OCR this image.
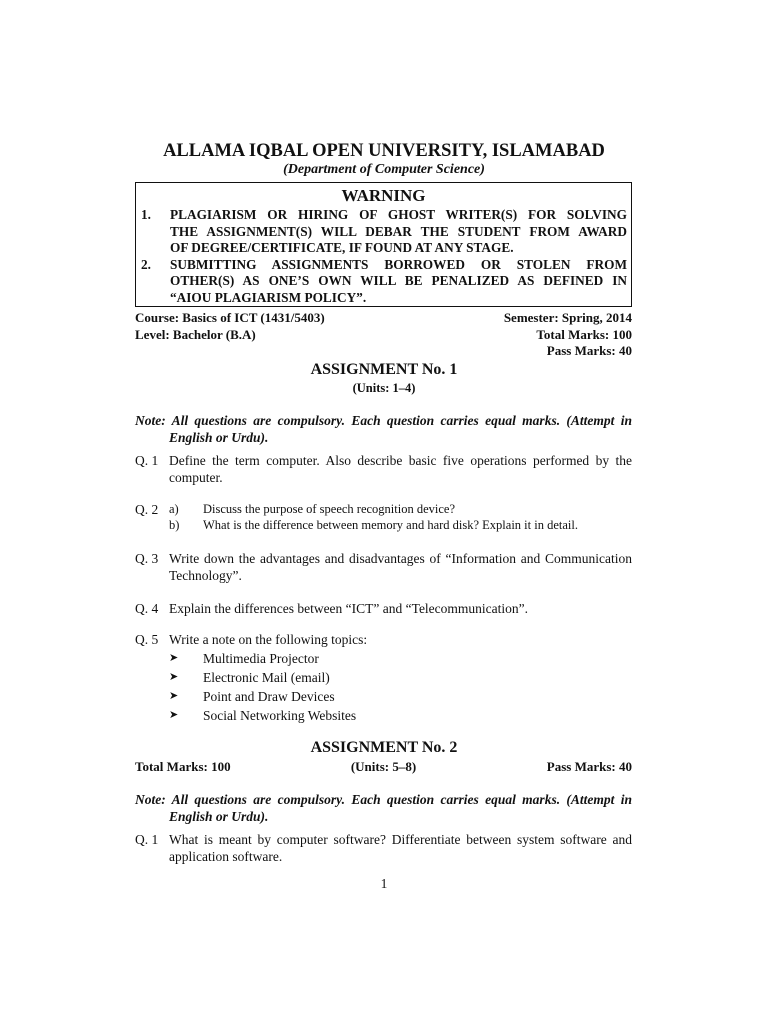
ALLAMA IQBAL OPEN UNIVERSITY, ISLAMABAD
(Department of Computer Science)
WARNING
1. PLAGIARISM OR HIRING OF GHOST WRITER(S) FOR SOLVING
THE ASSIGNMENT(S) WILL DEBAR THE STUDENT FROM AWARD
OF DEGREE/CERTIFICATE, IF FOUND AT ANY STAGE.
2. SUBMITTING ASSIGNMENTS BORROWED OR STOLEN FROM
OTHER(S) AS ONE’S OWN WILL BE PENALIZED AS DEFINED IN
“AIOU PLAGIARISM POLICY”.
Course: Basics of ICT (1431/5403)	Semester: Spring, 2014
Level: Bachelor (B.A)	Total Marks: 100
Pass Marks: 40
ASSIGNMENT No. 1
(Units: 1–4)
Note: All questions are compulsory. Each question carries equal marks. (Attempt in
English or Urdu).
Q. 1 Define the term computer. Also describe basic five operations performed by the
computer.
Q. 2 a) Discuss the purpose of speech recognition device?
b) What is the difference between memory and hard disk? Explain it in detail.
Q. 3 Write down the advantages and disadvantages of “Information and Communication
Technology”.
Q. 4 Explain the differences between “ICT” and “Telecommunication”.
Q. 5 Write a note on the following topics:
➤ Multimedia Projector
➤ Electronic Mail (email)
➤ Point and Draw Devices
➤ Social Networking Websites
ASSIGNMENT No. 2
Total Marks: 100	(Units: 5–8)	Pass Marks: 40
Note: All questions are compulsory. Each question carries equal marks. (Attempt in
English or Urdu).
Q. 1 What is meant by computer software? Differentiate between system software and
application software.
1
